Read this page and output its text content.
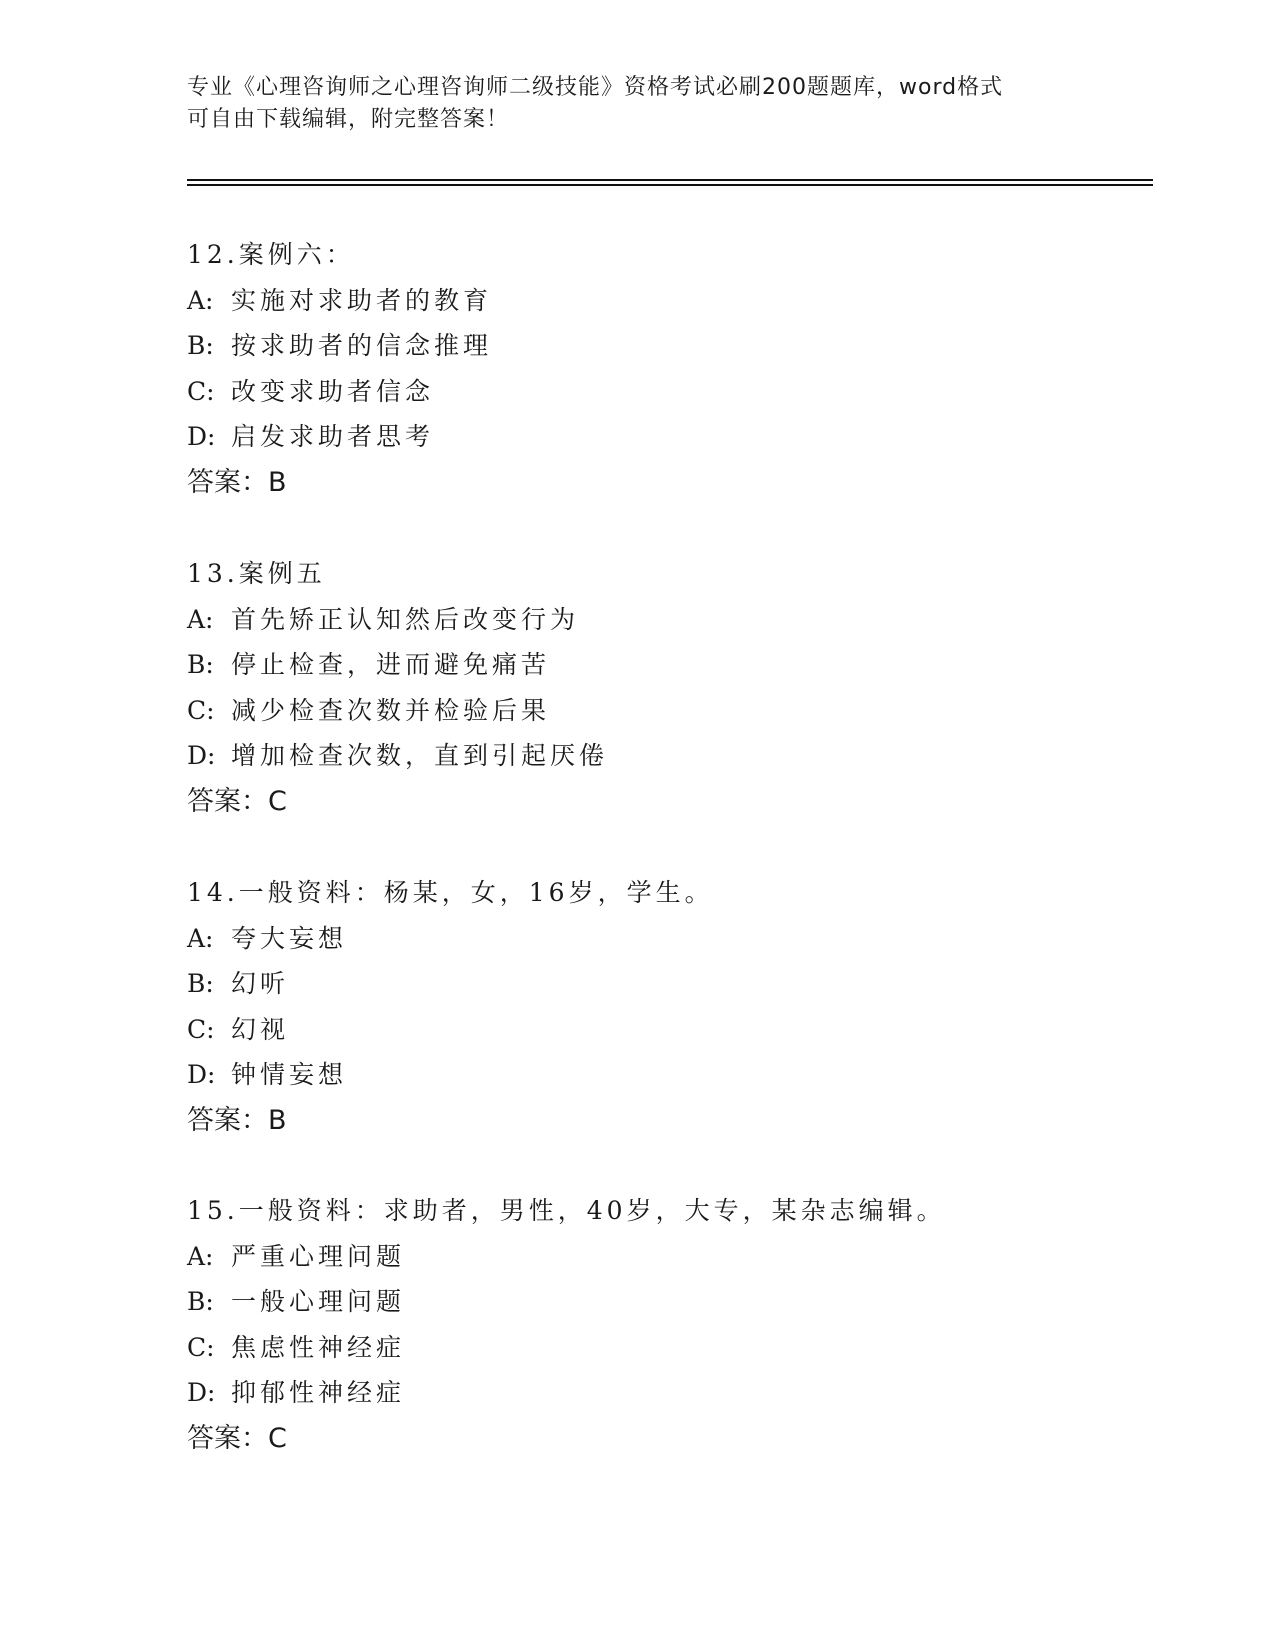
专业《心理咨询师之心理咨询师二级技能》资格考试必刷200题题库，word格式
可自由下载编辑，附完整答案！
12.案例六：
A: 实施对求助者的教育
B: 按求助者的信念推理
C: 改变求助者信念
D: 启发求助者思考
答案：B
13.案例五
A: 首先矫正认知然后改变行为
B: 停止检查，进而避免痛苦
C: 减少检查次数并检验后果
D: 增加检查次数，直到引起厌倦
答案：C
14.一般资料：杨某，女，16岁，学生。
A: 夸大妄想
B: 幻听
C: 幻视
D: 钟情妄想
答案：B
15.一般资料：求助者，男性，40岁，大专，某杂志编辑。
A: 严重心理问题
B: 一般心理问题
C: 焦虑性神经症
D: 抑郁性神经症
答案：C
